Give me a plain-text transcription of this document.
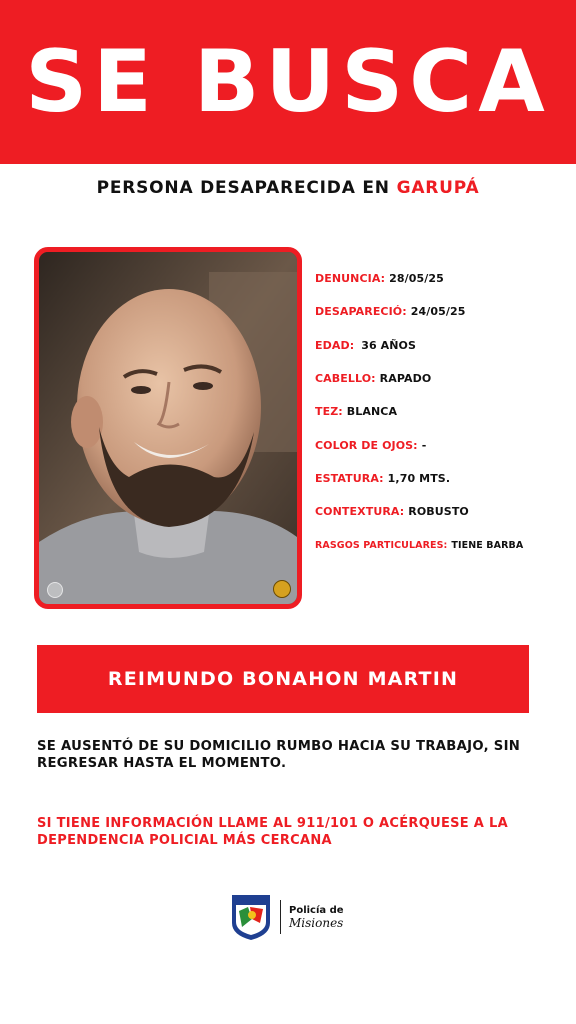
SE BUSCA
PERSONA DESAPARECIDA EN GARUPÁ
DENUNCIA: 28/05/25
DESAPARECIÓ: 24/05/25
EDAD: 36 AÑOS
CABELLO: RAPADO
TEZ: BLANCA
COLOR DE OJOS: -
ESTATURA: 1,70 MTS.
CONTEXTURA: ROBUSTO
RASGOS PARTICULARES: TIENE BARBA
REIMUNDO BONAHON MARTIN
SE AUSENTÓ DE SU DOMICILIO RUMBO HACIA SU TRABAJO, SIN REGRESAR HASTA EL MOMENTO.
SI TIENE INFORMACIÓN LLAME AL 911/101 O ACÉRQUESE A LA DEPENDENCIA POLICIAL MÁS CERCANA
Policía de
Misiones
